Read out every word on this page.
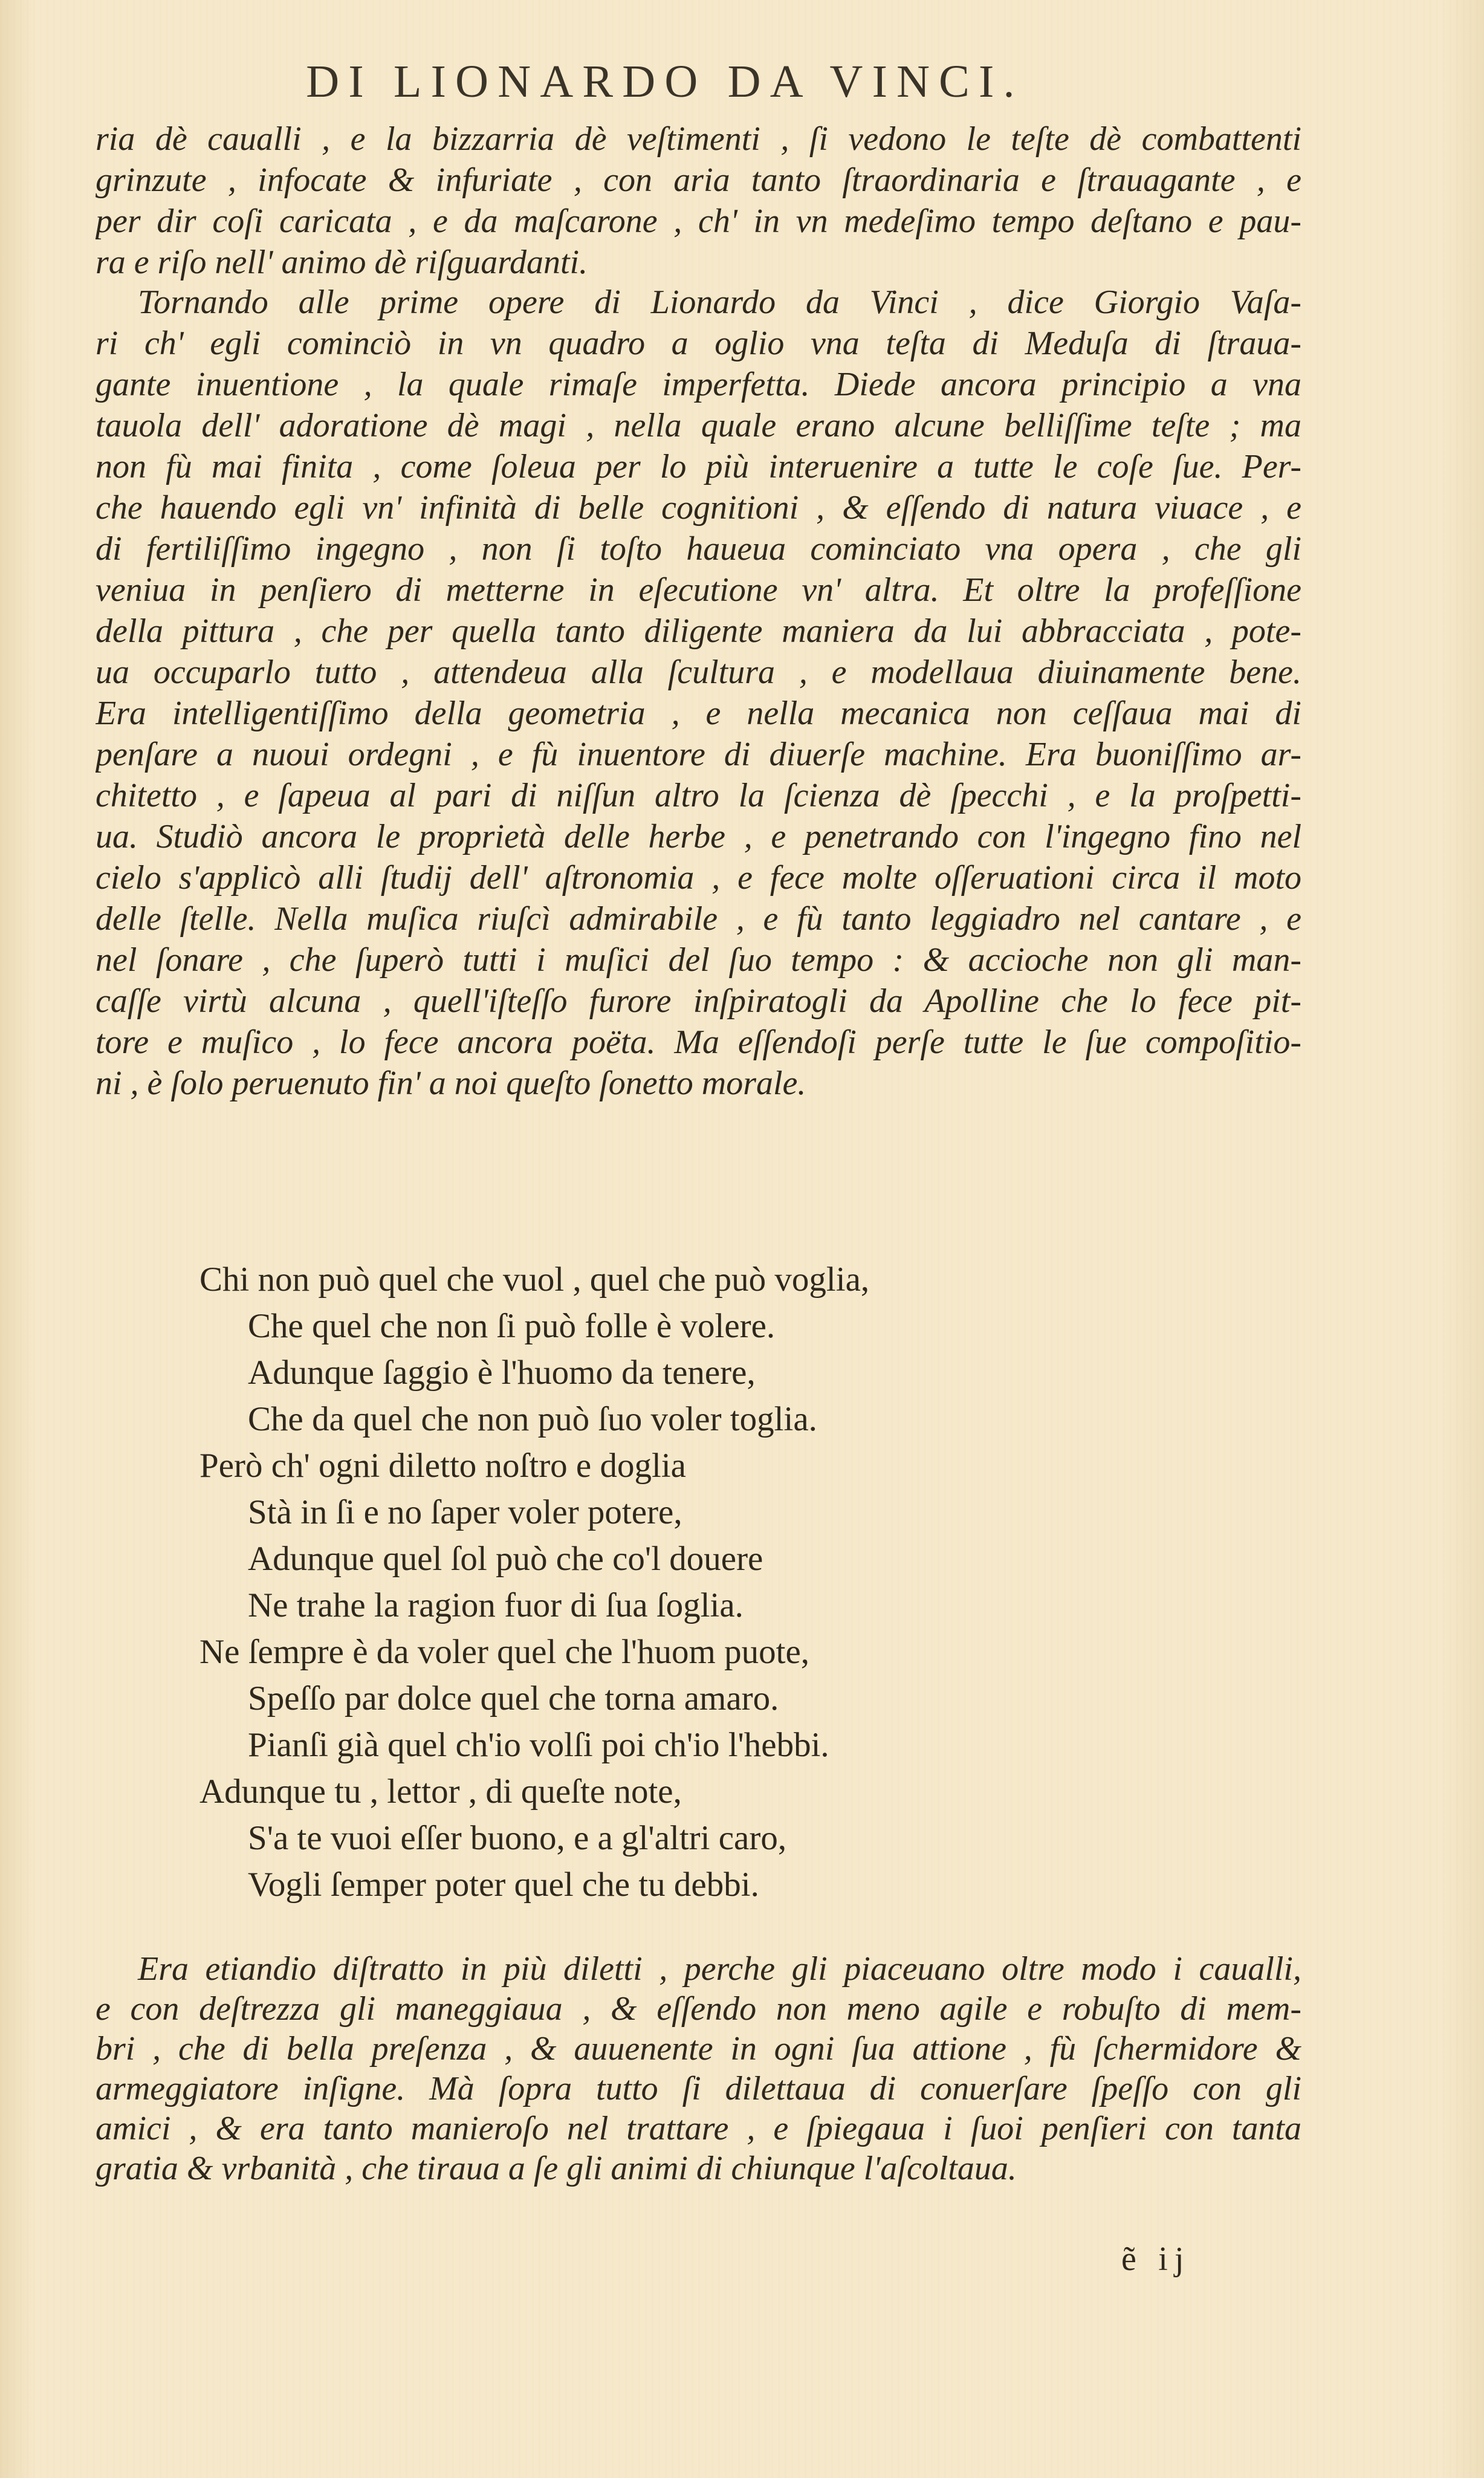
DI LIONARDO DA VINCI.
ria dè caualli , e la bizzarria dè veſtimenti , ſi vedono le teſte dè combattenti
grinzute , infocate & infuriate , con aria tanto ſtraordinaria e ſtrauagante , e
per dir coſi caricata , e da maſcarone , ch' in vn medeſimo tempo deſtano e pau-
ra e riſo nell' animo dè riſguardanti.
Tornando alle prime opere di Lionardo da Vinci , dice Giorgio Vaſa-
ri ch' egli cominciò in vn quadro a oglio vna teſta di Meduſa di ſtraua-
gante inuentione , la quale rimaſe imperfetta. Diede ancora principio a vna
tauola dell' adoratione dè magi , nella quale erano alcune belliſſime teſte ; ma
non fù mai finita , come ſoleua per lo più interuenire a tutte le coſe ſue. Per-
che hauendo egli vn' infinità di belle cognitioni , & eſſendo di natura viuace , e
di fertiliſſimo ingegno , non ſi toſto haueua cominciato vna opera , che gli
veniua in penſiero di metterne in eſecutione vn' altra. Et oltre la profeſſione
della pittura , che per quella tanto diligente maniera da lui abbracciata , pote-
ua occuparlo tutto , attendeua alla ſcultura , e modellaua diuinamente bene.
Era intelligentiſſimo della geometria , e nella mecanica non ceſſaua mai di
penſare a nuoui ordegni , e fù inuentore di diuerſe machine. Era buoniſſimo ar-
chitetto , e ſapeua al pari di niſſun altro la ſcienza dè ſpecchi , e la proſpetti-
ua. Studiò ancora le proprietà delle herbe , e penetrando con l'ingegno fino nel
cielo s'applicò alli ſtudij dell' aſtronomia , e fece molte oſſeruationi circa il moto
delle ſtelle. Nella muſica riuſcì admirabile , e fù tanto leggiadro nel cantare , e
nel ſonare , che ſuperò tutti i muſici del ſuo tempo : & accioche non gli man-
caſſe virtù alcuna , quell'iſteſſo furore inſpiratogli da Apolline che lo fece pit-
tore e muſico , lo fece ancora poëta. Ma eſſendoſi perſe tutte le ſue compoſitio-
ni , è ſolo peruenuto fin' a noi queſto ſonetto morale.
Chi non può quel che vuol , quel che può voglia,
Che quel che non ſi può folle è volere.
Adunque ſaggio è l'huomo da tenere,
Che da quel che non può ſuo voler toglia.
Però ch' ogni diletto noſtro e doglia
Stà in ſi e no ſaper voler potere,
Adunque quel ſol può che co'l douere
Ne trahe la ragion fuor di ſua ſoglia.
Ne ſempre è da voler quel che l'huom puote,
Speſſo par dolce quel che torna amaro.
Pianſi già quel ch'io volſi poi ch'io l'hebbi.
Adunque tu , lettor , di queſte note,
S'a te vuoi eſſer buono, e a gl'altri caro,
Vogli ſemper poter quel che tu debbi.
Era etiandio diſtratto in più diletti , perche gli piaceuano oltre modo i caualli,
e con deſtrezza gli maneggiaua , & eſſendo non meno agile e robuſto di mem-
bri , che di bella preſenza , & auuenente in ogni ſua attione , fù ſchermidore &
armeggiatore inſigne. Mà ſopra tutto ſi dilettaua di conuerſare ſpeſſo con gli
amici , & era tanto manieroſo nel trattare , e ſpiegaua i ſuoi penſieri con tanta
gratia & vrbanità , che tiraua a ſe gli animi di chiunque l'aſcoltaua.
ẽ ij
